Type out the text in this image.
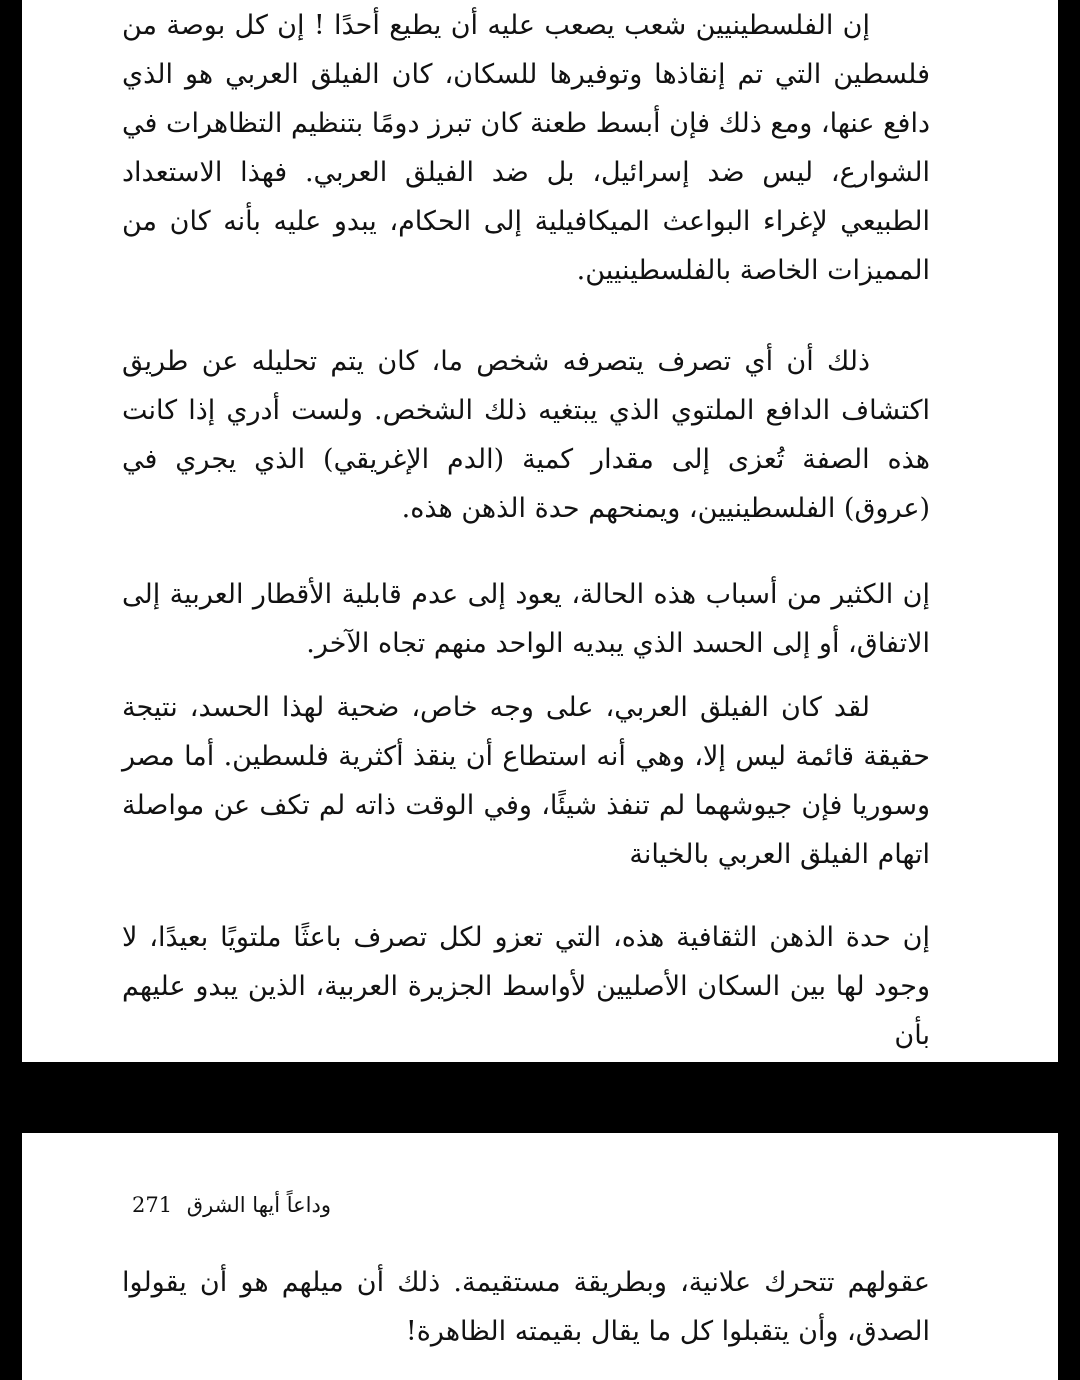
إن الفلسطينيين شعب يصعب عليه أن يطيع أحدًا ! إن كل بوصة من فلسطين التي تم إنقاذها وتوفيرها للسكان، كان الفيلق العربي هو الذي دافع عنها، ومع ذلك فإن أبسط طعنة كان تبرز دومًا بتنظيم التظاهرات في الشوارع، ليس ضد إسرائيل، بل ضد الفيلق العربي. فهذا الاستعداد الطبيعي لإغراء البواعث الميكافيلية إلى الحكام، يبدو عليه بأنه كان من المميزات الخاصة بالفلسطينيين.

ذلك أن أي تصرف يتصرفه شخص ما، كان يتم تحليله عن طريق اكتشاف الدافع الملتوي الذي يبتغيه ذلك الشخص. ولست أدري إذا كانت هذه الصفة تُعزى إلى مقدار كمية (الدم الإغريقي) الذي يجري في (عروق) الفلسطينيين، ويمنحهم حدة الذهن هذه.

إن الكثير من أسباب هذه الحالة، يعود إلى عدم قابلية الأقطار العربية إلى الاتفاق، أو إلى الحسد الذي يبديه الواحد منهم تجاه الآخر.

لقد كان الفيلق العربي، على وجه خاص، ضحية لهذا الحسد، نتيجة حقيقة قائمة ليس إلا، وهي أنه استطاع أن ينقذ أكثرية فلسطين. أما مصر وسوريا فإن جيوشهما لم تنفذ شيئًا، وفي الوقت ذاته لم تكف عن مواصلة اتهام الفيلق العربي بالخيانة

إن حدة الذهن الثقافية هذه، التي تعزو لكل تصرف باعثًا ملتويًا بعيدًا، لا وجود لها بين السكان الأصليين لأواسط الجزيرة العربية، الذين يبدو عليهم بأن

وداعاً أيها الشرق 271

عقولهم تتحرك علانية، وبطريقة مستقيمة. ذلك أن ميلهم هو أن يقولوا الصدق، وأن يتقبلوا كل ما يقال بقيمته الظاهرة!
